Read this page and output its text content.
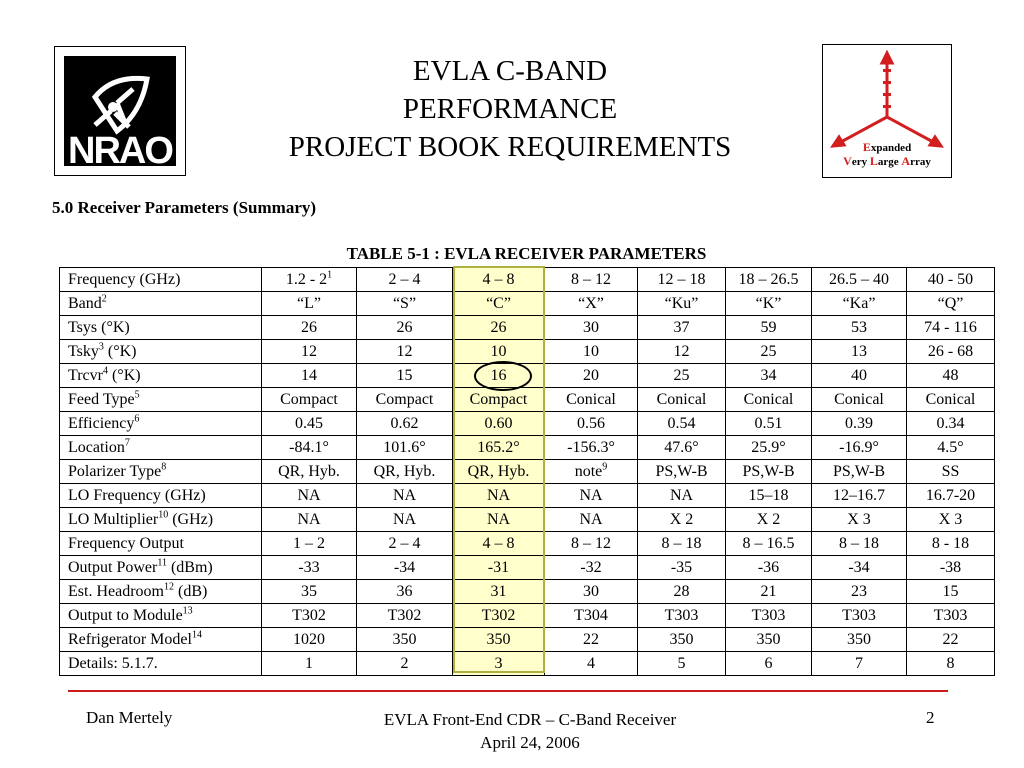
NRAO	Expanded
Very Large Array
EVLA C-BAND
PERFORMANCE
PROJECT BOOK REQUIREMENTS
5.0 Receiver Parameters (Summary)
TABLE 5-1 : EVLA RECEIVER PARAMETERS
Frequency (GHz)	$1.2 - 2^1$	2 – 4	4 – 8	8 – 12	12 – 18	18 – 26.5	26.5 – 40	40 - 50
Band$^2$	“L”	“S”	“C”	“X”	“Ku”	“K”	“Ka”	“Q”
Tsys (°K)	26	26	26	30	37	59	53	74 - 116
Tsky$^3$ (°K)	12	12	10	10	12	25	13	26 - 68
Trcvr$^4$ (°K)	14	15	16	20	25	34	40	48
Feed Type$^5$	Compact	Compact	Compact	Conical	Conical	Conical	Conical	Conical
Efficiency$^6$	0.45	0.62	0.60	0.56	0.54	0.51	0.39	0.34
Location$^7$	-84.1°	101.6°	165.2°	-156.3°	47.6°	25.9°	-16.9°	4.5°
Polarizer Type$^8$	QR, Hyb.	QR, Hyb.	QR, Hyb.	note$^9$	PS,W-B	PS,W-B	PS,W-B	SS
LO Frequency (GHz)	NA	NA	NA	NA	NA	15–18	12–16.7	16.7-20
LO Multiplier$^{10}$ (GHz)	NA	NA	NA	NA	X 2	X 2	X 3	X 3
Frequency Output	1 – 2	2 – 4	4 – 8	8 – 12	8 – 18	8 – 16.5	8 – 18	8 - 18
Output Power$^{11}$ (dBm)	-33	-34	-31	-32	-35	-36	-34	-38
Est. Headroom$^{12}$ (dB)	35	36	31	30	28	21	23	15
Output to Module$^{13}$	T302	T302	T302	T304	T303	T303	T303	T303
Refrigerator Model$^{14}$	1020	350	350	22	350	350	350	22
Details: 5.1.7.	1	2	3	4	5	6	7	8
Dan Mertely	EVLA Front-End CDR – C-Band Receiver
April 24, 2006
2
